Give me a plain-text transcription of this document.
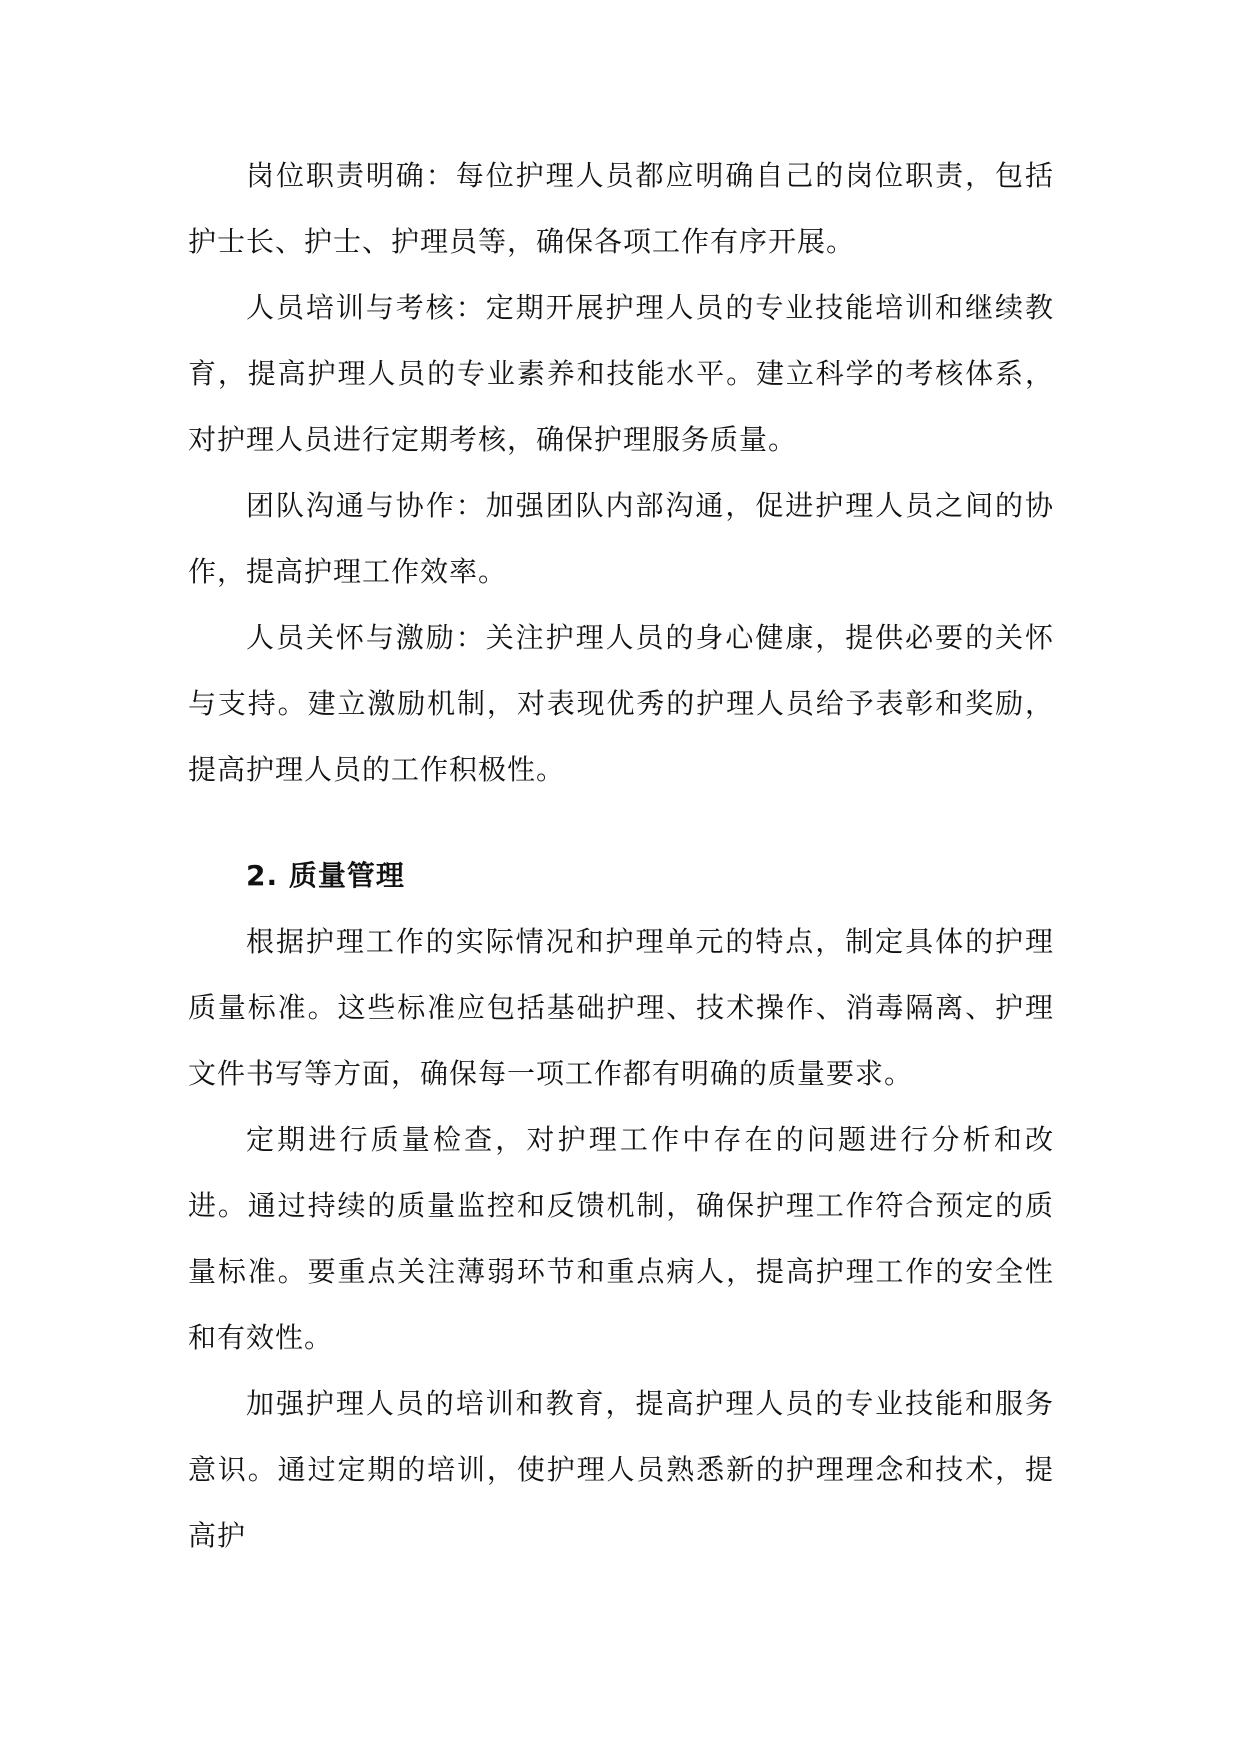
岗位职责明确：每位护理人员都应明确自己的岗位职责，包括护士长、护士、护理员等，确保各项工作有序开展。

人员培训与考核：定期开展护理人员的专业技能培训和继续教育，提高护理人员的专业素养和技能水平。建立科学的考核体系，对护理人员进行定期考核，确保护理服务质量。

团队沟通与协作：加强团队内部沟通，促进护理人员之间的协作，提高护理工作效率。

人员关怀与激励：关注护理人员的身心健康，提供必要的关怀与支持。建立激励机制，对表现优秀的护理人员给予表彰和奖励，提高护理人员的工作积极性。

2. 质量管理

根据护理工作的实际情况和护理单元的特点，制定具体的护理质量标准。这些标准应包括基础护理、技术操作、消毒隔离、护理文件书写等方面，确保每一项工作都有明确的质量要求。

定期进行质量检查，对护理工作中存在的问题进行分析和改进。通过持续的质量监控和反馈机制，确保护理工作符合预定的质量标准。要重点关注薄弱环节和重点病人，提高护理工作的安全性和有效性。

加强护理人员的培训和教育，提高护理人员的专业技能和服务意识。通过定期的培训，使护理人员熟悉新的护理理念和技术，提高护
